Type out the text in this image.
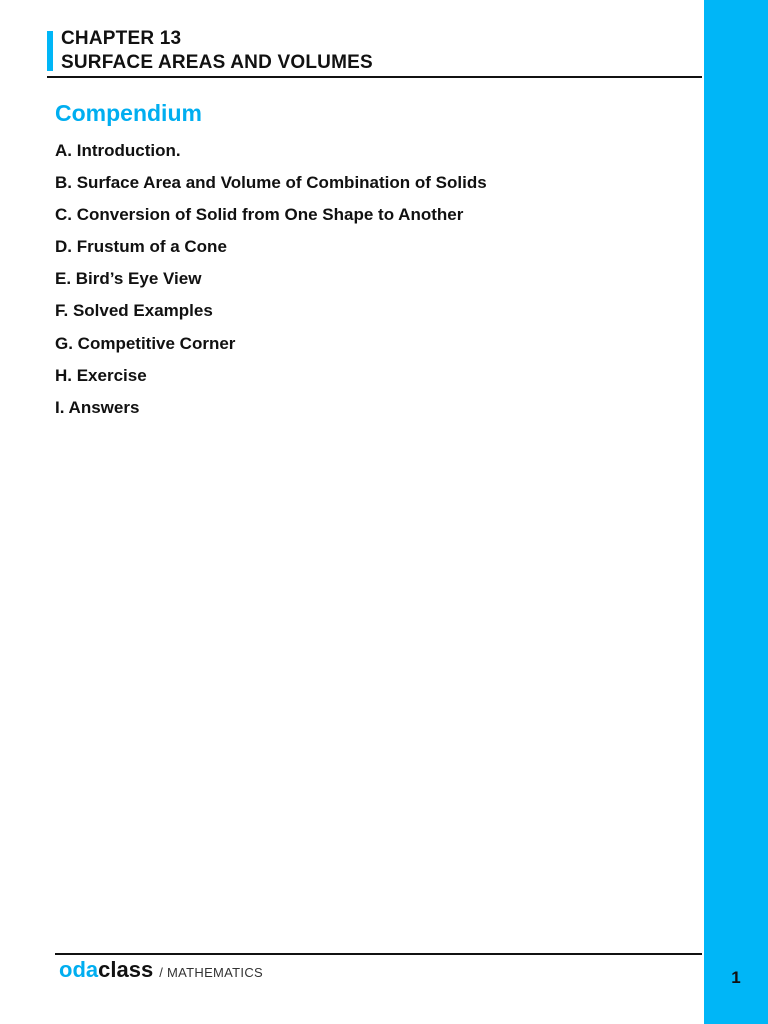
CHAPTER 13
SURFACE AREAS AND VOLUMES
Compendium
A. Introduction.
B. Surface Area and Volume of Combination of Solids
C. Conversion of Solid from One Shape to Another
D. Frustum of a Cone
E. Bird’s Eye View
F. Solved Examples
G. Competitive Corner
H. Exercise
I. Answers
odaclass / MATHEMATICS	1
